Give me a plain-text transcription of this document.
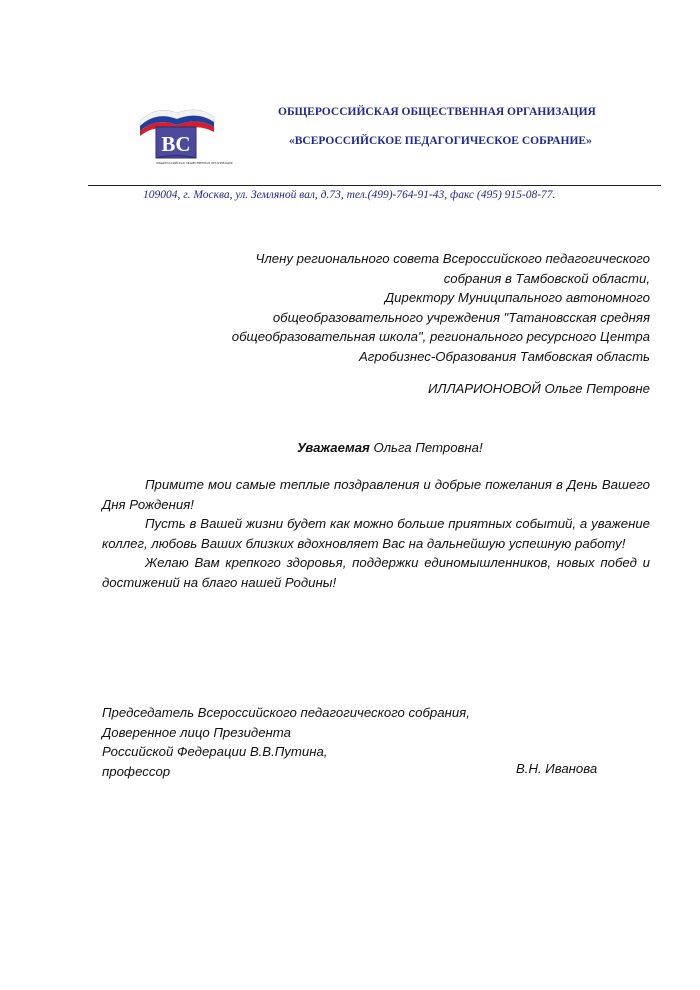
ВС
ОБЩЕРОССИЙСКАЯ ОБЩЕСТВЕННАЯ ОРГАНИЗАЦИЯ
ОБЩЕРОССИЙСКАЯ ОБЩЕСТВЕННАЯ ОРГАНИЗАЦИЯ
«ВСЕРОССИЙСКОЕ ПЕДАГОГИЧЕСКОЕ СОБРАНИЕ»
109004, г. Москва, ул. Земляной вал, д.73, тел.(499)-764-91-43, факс (495) 915-08-77.
Члену регионального совета Всероссийского педагогического
собрания в Тамбовской области,
Директору Муниципального автономного
общеобразовательного учреждения "Татановсская средняя
общеобразовательная школа", регионального ресурсного Центра
Агробизнес-Образования Тамбовская область
ИЛЛАРИОНОВОЙ Ольге Петровне
Уважаемая Ольга Петровна!

Примите мои самые теплые поздравления и добрые пожелания в День Вашего Дня Рождения!

Пусть в Вашей жизни будет как можно больше приятных событий, а уважение коллег, любовь Ваших близких вдохновляет Вас на дальнейшую успешную работу!

Желаю Вам крепкого здоровья, поддержки единомышленников, новых побед и достижений на благо нашей Родины!

Председатель Всероссийского педагогического собрания,
Доверенное лицо Президента
Российской Федерации В.В.Путина,
профессор	В.Н. Иванова
